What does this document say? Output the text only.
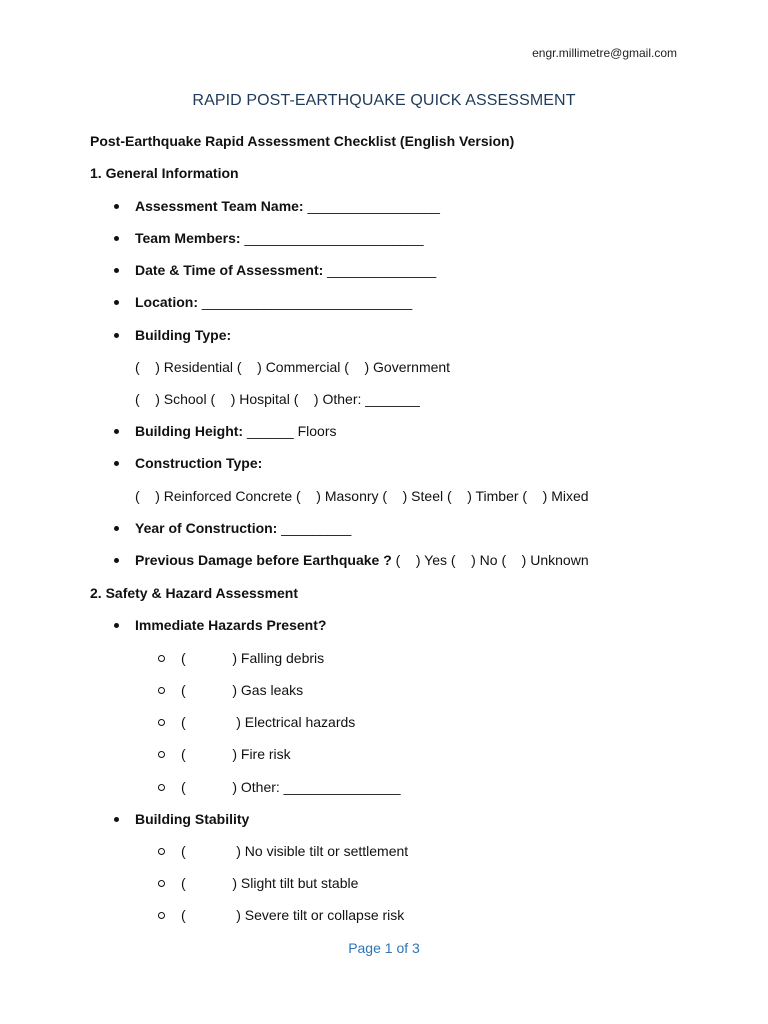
engr.millimetre@gmail.com
RAPID POST-EARTHQUAKE QUICK ASSESSMENT
Post-Earthquake Rapid Assessment Checklist (English Version)
1. General Information
Assessment Team Name: _________________
Team Members: _______________________
Date & Time of Assessment: ______________
Location: ___________________________
Building Type:
(    ) Residential (    ) Commercial (    ) Government
(    ) School (    ) Hospital (    ) Other: _______
Building Height: ______ Floors
Construction Type:
(    ) Reinforced Concrete (    ) Masonry (    ) Steel (    ) Timber (    ) Mixed
Year of Construction: _________
Previous Damage before Earthquake ? (    ) Yes (    ) No (    ) Unknown
2. Safety & Hazard Assessment
Immediate Hazards Present?
(            ) Falling debris
(            ) Gas leaks
(             ) Electrical hazards
(            ) Fire risk
(            ) Other: _______________
Building Stability
(             ) No visible tilt or settlement
(            ) Slight tilt but stable
(             ) Severe tilt or collapse risk
Page 1 of 3
